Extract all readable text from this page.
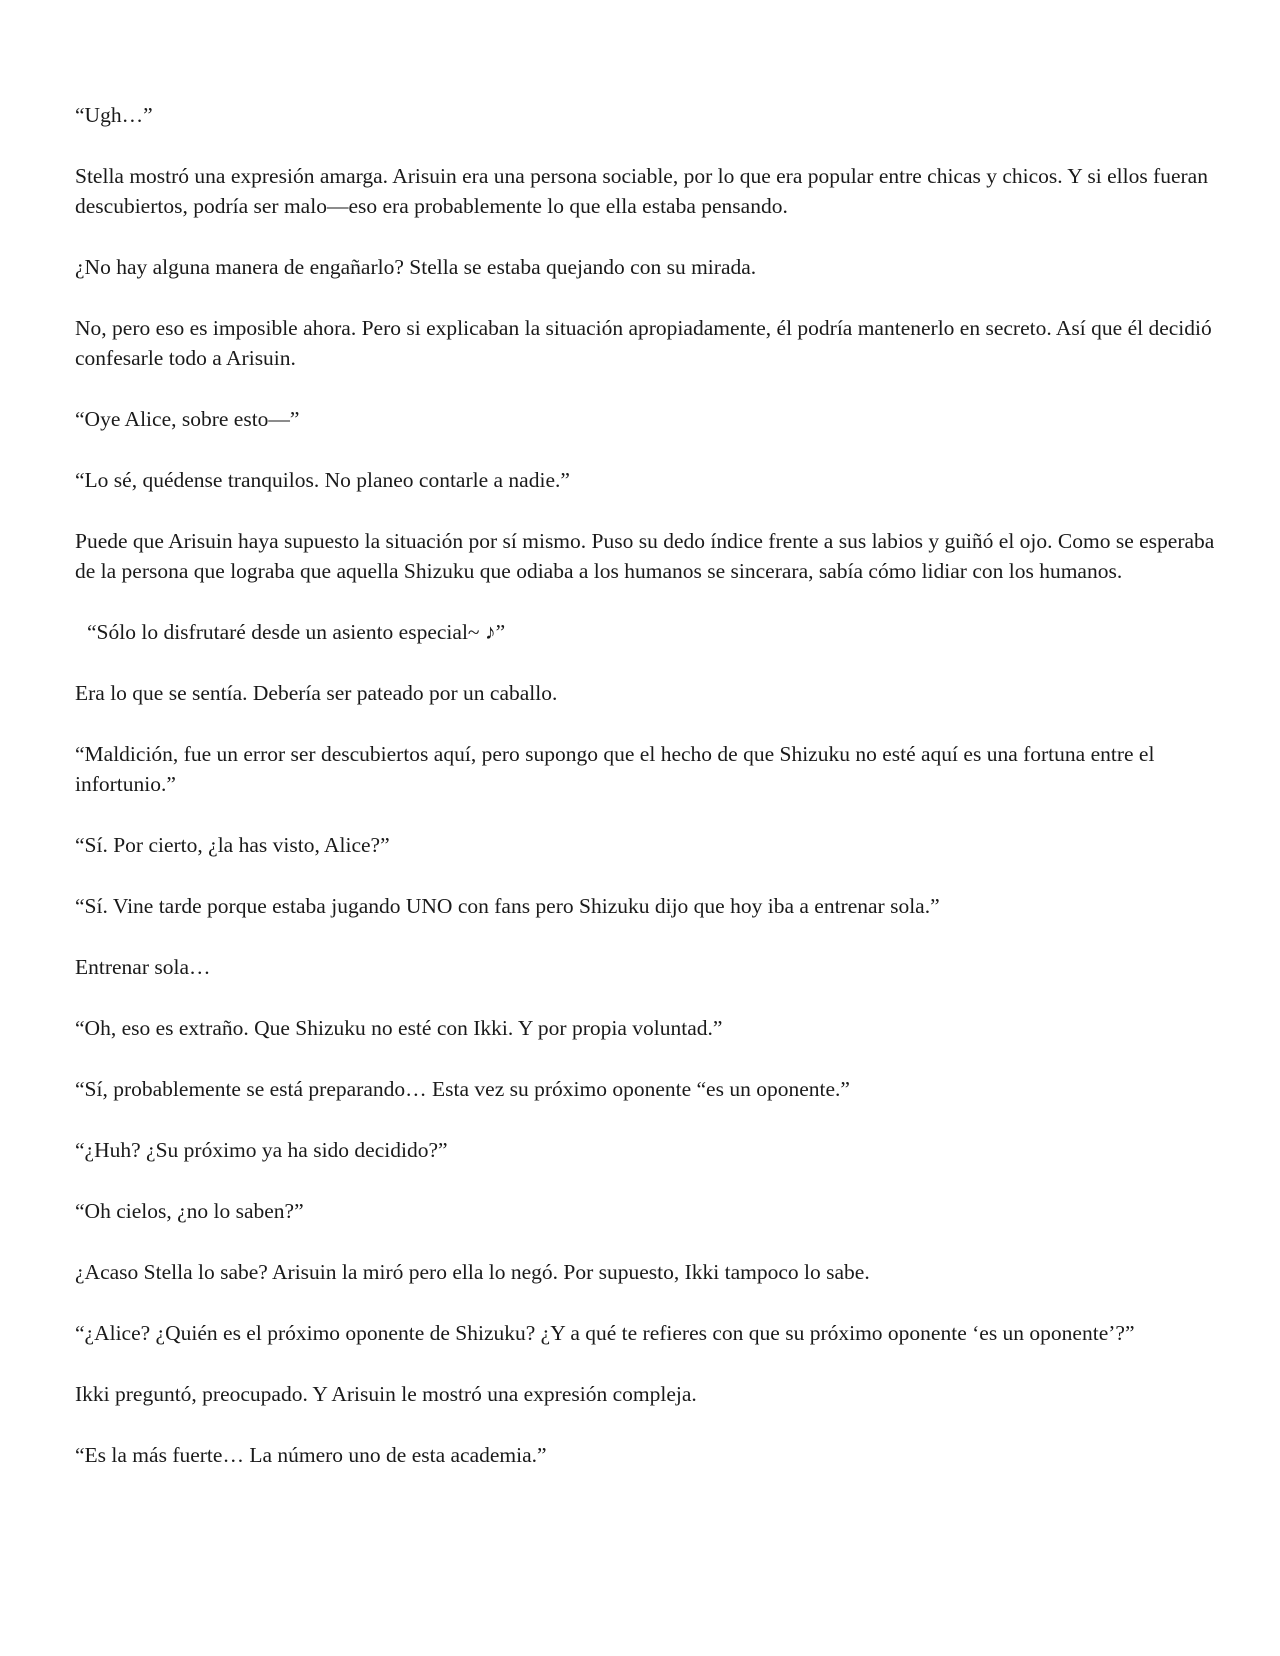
“Ugh…”

Stella mostró una expresión amarga. Arisuin era una persona sociable, por lo que era popular entre chicas y chicos. Y si ellos fueran descubiertos, podría ser malo—eso era probablemente lo que ella estaba pensando.

¿No hay alguna manera de engañarlo? Stella se estaba quejando con su mirada.

No, pero eso es imposible ahora. Pero si explicaban la situación apropiadamente, él podría mantenerlo en secreto. Así que él decidió confesarle todo a Arisuin.

“Oye Alice, sobre esto—”

“Lo sé, quédense tranquilos. No planeo contarle a nadie.”

Puede que Arisuin haya supuesto la situación por sí mismo. Puso su dedo índice frente a sus labios y guiñó el ojo. Como se esperaba de la persona que lograba que aquella Shizuku que odiaba a los humanos se sincerara, sabía cómo lidiar con los humanos.

“Sólo lo disfrutaré desde un asiento especial~ ♪”

Era lo que se sentía. Debería ser pateado por un caballo.

“Maldición, fue un error ser descubiertos aquí, pero supongo que el hecho de que Shizuku no esté aquí es una fortuna entre el infortunio.”

“Sí. Por cierto, ¿la has visto, Alice?”

“Sí. Vine tarde porque estaba jugando UNO con fans pero Shizuku dijo que hoy iba a entrenar sola.”

Entrenar sola…

“Oh, eso es extraño. Que Shizuku no esté con Ikki. Y por propia voluntad.”

“Sí, probablemente se está preparando… Esta vez su próximo oponente “es un oponente.”

“¿Huh? ¿Su próximo ya ha sido decidido?”

“Oh cielos, ¿no lo saben?”

¿Acaso Stella lo sabe? Arisuin la miró pero ella lo negó. Por supuesto, Ikki tampoco lo sabe.

“¿Alice? ¿Quién es el próximo oponente de Shizuku? ¿Y a qué te refieres con que su próximo oponente ‘es un oponente’?”

Ikki preguntó, preocupado. Y Arisuin le mostró una expresión compleja.

“Es la más fuerte… La número uno de esta academia.”
